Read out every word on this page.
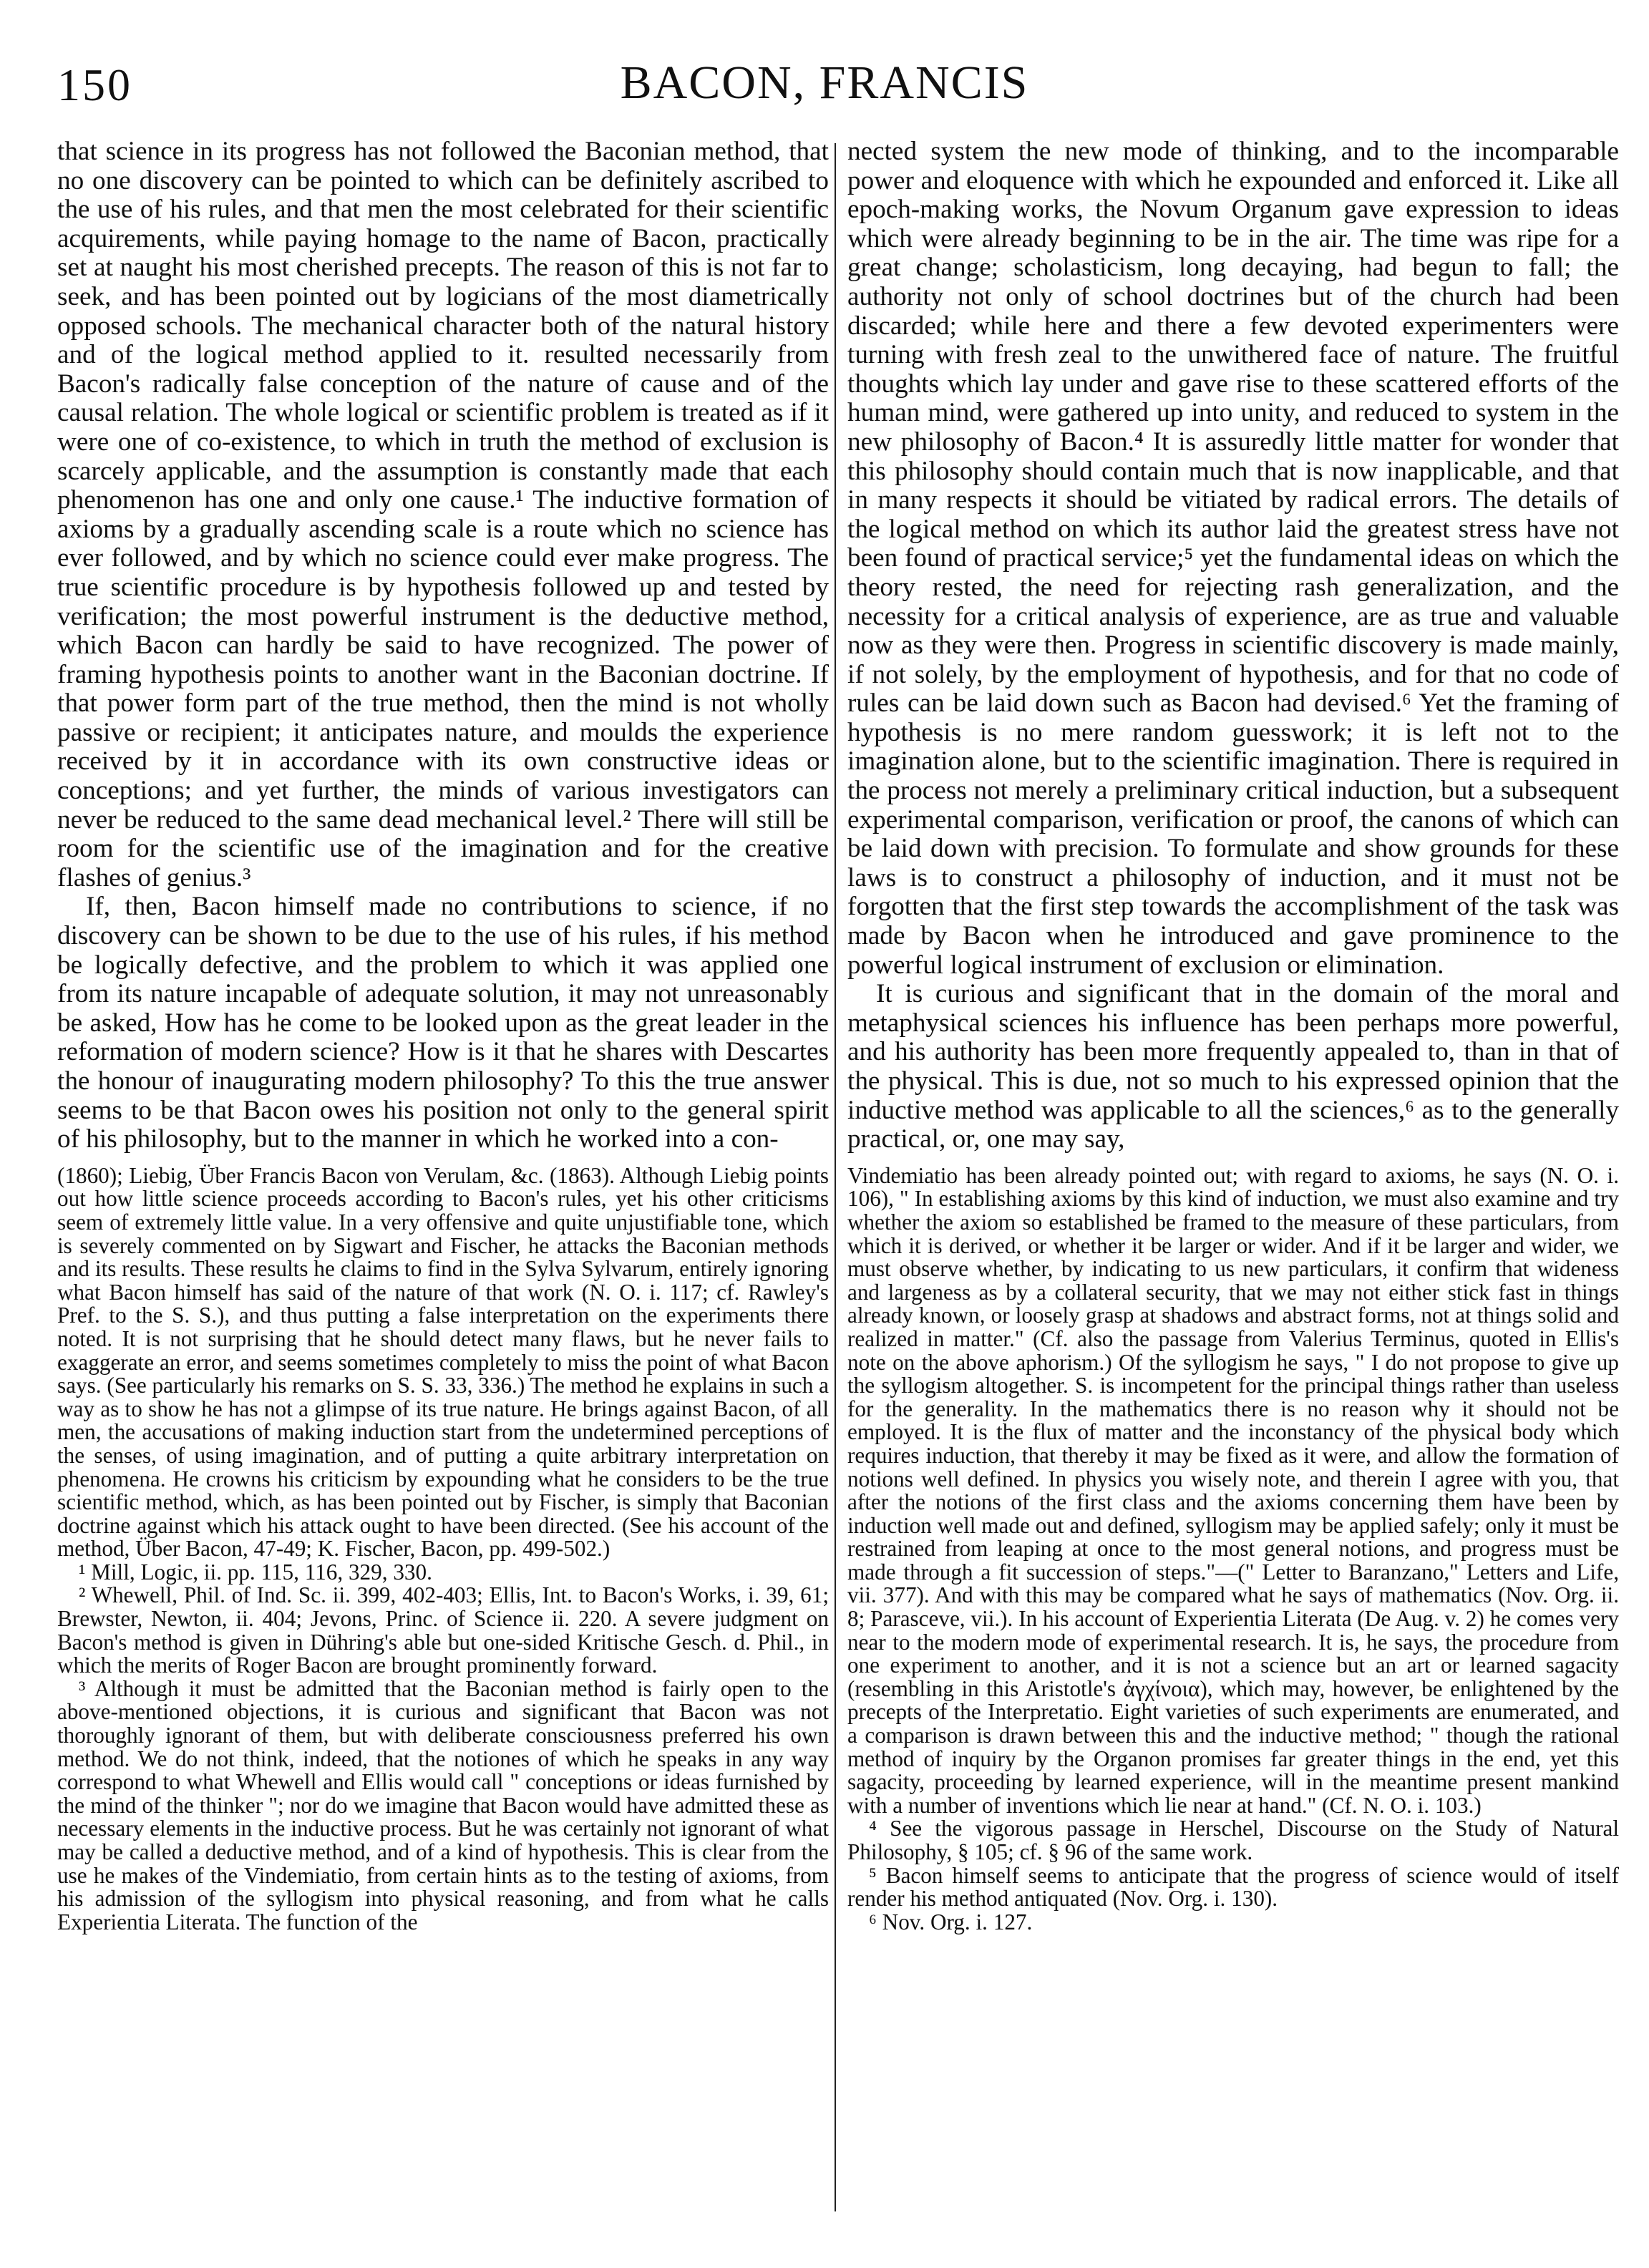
150	BACON, FRANCIS

that science in its progress has not followed the Baconian method, that no one discovery can be pointed to which can be definitely ascribed to the use of his rules, and that men the most celebrated for their scientific acquirements, while paying homage to the name of Bacon, practically set at naught his most cherished precepts. The reason of this is not far to seek, and has been pointed out by logicians of the most diametrically opposed schools. The mechanical character both of the natural history and of the logical method applied to it. resulted necessarily from Bacon's radically false conception of the nature of cause and of the causal relation. The whole logical or scientific problem is treated as if it were one of co-existence, to which in truth the method of exclusion is scarcely applicable, and the assumption is constantly made that each phenomenon has one and only one cause.¹ The inductive formation of axioms by a gradually ascending scale is a route which no science has ever followed, and by which no science could ever make progress. The true scientific procedure is by hypothesis followed up and tested by verification; the most powerful instrument is the deductive method, which Bacon can hardly be said to have recognized. The power of framing hypothesis points to another want in the Baconian doctrine. If that power form part of the true method, then the mind is not wholly passive or recipient; it anticipates nature, and moulds the experience received by it in accordance with its own constructive ideas or conceptions; and yet further, the minds of various investigators can never be reduced to the same dead mechanical level.² There will still be room for the scientific use of the imagination and for the creative flashes of genius.³

If, then, Bacon himself made no contributions to science, if no discovery can be shown to be due to the use of his rules, if his method be logically defective, and the problem to which it was applied one from its nature incapable of adequate solution, it may not unreasonably be asked, How has he come to be looked upon as the great leader in the reformation of modern science? How is it that he shares with Descartes the honour of inaugurating modern philosophy? To this the true answer seems to be that Bacon owes his position not only to the general spirit of his philosophy, but to the manner in which he worked into a con-

(1860); Liebig, Über Francis Bacon von Verulam, &c. (1863). Although Liebig points out how little science proceeds according to Bacon's rules, yet his other criticisms seem of extremely little value. In a very offensive and quite unjustifiable tone, which is severely commented on by Sigwart and Fischer, he attacks the Baconian methods and its results. These results he claims to find in the Sylva Sylvarum, entirely ignoring what Bacon himself has said of the nature of that work (N. O. i. 117; cf. Rawley's Pref. to the S. S.), and thus putting a false interpretation on the experiments there noted. It is not surprising that he should detect many flaws, but he never fails to exaggerate an error, and seems sometimes completely to miss the point of what Bacon says. (See particularly his remarks on S. S. 33, 336.) The method he explains in such a way as to show he has not a glimpse of its true nature. He brings against Bacon, of all men, the accusations of making induction start from the undetermined perceptions of the senses, of using imagination, and of putting a quite arbitrary interpretation on phenomena. He crowns his criticism by expounding what he considers to be the true scientific method, which, as has been pointed out by Fischer, is simply that Baconian doctrine against which his attack ought to have been directed. (See his account of the method, Über Bacon, 47-49; K. Fischer, Bacon, pp. 499-502.)

¹ Mill, Logic, ii. pp. 115, 116, 329, 330.

² Whewell, Phil. of Ind. Sc. ii. 399, 402-403; Ellis, Int. to Bacon's Works, i. 39, 61; Brewster, Newton, ii. 404; Jevons, Princ. of Science ii. 220. A severe judgment on Bacon's method is given in Dühring's able but one-sided Kritische Gesch. d. Phil., in which the merits of Roger Bacon are brought prominently forward.

³ Although it must be admitted that the Baconian method is fairly open to the above-mentioned objections, it is curious and significant that Bacon was not thoroughly ignorant of them, but with deliberate consciousness preferred his own method. We do not think, indeed, that the notiones of which he speaks in any way correspond to what Whewell and Ellis would call " conceptions or ideas furnished by the mind of the thinker "; nor do we imagine that Bacon would have admitted these as necessary elements in the inductive process. But he was certainly not ignorant of what may be called a deductive method, and of a kind of hypothesis. This is clear from the use he makes of the Vindemiatio, from certain hints as to the testing of axioms, from his admission of the syllogism into physical reasoning, and from what he calls Experientia Literata. The function of the

nected system the new mode of thinking, and to the incomparable power and eloquence with which he expounded and enforced it. Like all epoch-making works, the Novum Organum gave expression to ideas which were already beginning to be in the air. The time was ripe for a great change; scholasticism, long decaying, had begun to fall; the authority not only of school doctrines but of the church had been discarded; while here and there a few devoted experimenters were turning with fresh zeal to the unwithered face of nature. The fruitful thoughts which lay under and gave rise to these scattered efforts of the human mind, were gathered up into unity, and reduced to system in the new philosophy of Bacon.⁴ It is assuredly little matter for wonder that this philosophy should contain much that is now inapplicable, and that in many respects it should be vitiated by radical errors. The details of the logical method on which its author laid the greatest stress have not been found of practical service;⁵ yet the fundamental ideas on which the theory rested, the need for rejecting rash generalization, and the necessity for a critical analysis of experience, are as true and valuable now as they were then. Progress in scientific discovery is made mainly, if not solely, by the employment of hypothesis, and for that no code of rules can be laid down such as Bacon had devised.⁶ Yet the framing of hypothesis is no mere random guesswork; it is left not to the imagination alone, but to the scientific imagination. There is required in the process not merely a preliminary critical induction, but a subsequent experimental comparison, verification or proof, the canons of which can be laid down with precision. To formulate and show grounds for these laws is to construct a philosophy of induction, and it must not be forgotten that the first step towards the accomplishment of the task was made by Bacon when he introduced and gave prominence to the powerful logical instrument of exclusion or elimination.

It is curious and significant that in the domain of the moral and metaphysical sciences his influence has been perhaps more powerful, and his authority has been more frequently appealed to, than in that of the physical. This is due, not so much to his expressed opinion that the inductive method was applicable to all the sciences,⁶ as to the generally practical, or, one may say,

Vindemiatio has been already pointed out; with regard to axioms, he says (N. O. i. 106), " In establishing axioms by this kind of induction, we must also examine and try whether the axiom so established be framed to the measure of these particulars, from which it is derived, or whether it be larger or wider. And if it be larger and wider, we must observe whether, by indicating to us new particulars, it confirm that wideness and largeness as by a collateral security, that we may not either stick fast in things already known, or loosely grasp at shadows and abstract forms, not at things solid and realized in matter." (Cf. also the passage from Valerius Terminus, quoted in Ellis's note on the above aphorism.) Of the syllogism he says, " I do not propose to give up the syllogism altogether. S. is incompetent for the principal things rather than useless for the generality. In the mathematics there is no reason why it should not be employed. It is the flux of matter and the inconstancy of the physical body which requires induction, that thereby it may be fixed as it were, and allow the formation of notions well defined. In physics you wisely note, and therein I agree with you, that after the notions of the first class and the axioms concerning them have been by induction well made out and defined, syllogism may be applied safely; only it must be restrained from leaping at once to the most general notions, and progress must be made through a fit succession of steps."—(" Letter to Baranzano," Letters and Life, vii. 377). And with this may be compared what he says of mathematics (Nov. Org. ii. 8; Parasceve, vii.). In his account of Experientia Literata (De Aug. v. 2) he comes very near to the modern mode of experimental research. It is, he says, the procedure from one experiment to another, and it is not a science but an art or learned sagacity (resembling in this Aristotle's ἀγχίνοια), which may, however, be enlightened by the precepts of the Interpretatio. Eight varieties of such experiments are enumerated, and a comparison is drawn between this and the inductive method; " though the rational method of inquiry by the Organon promises far greater things in the end, yet this sagacity, proceeding by learned experience, will in the meantime present mankind with a number of inventions which lie near at hand." (Cf. N. O. i. 103.)

⁴ See the vigorous passage in Herschel, Discourse on the Study of Natural Philosophy, § 105; cf. § 96 of the same work.

⁵ Bacon himself seems to anticipate that the progress of science would of itself render his method antiquated (Nov. Org. i. 130).

⁶ Nov. Org. i. 127.
